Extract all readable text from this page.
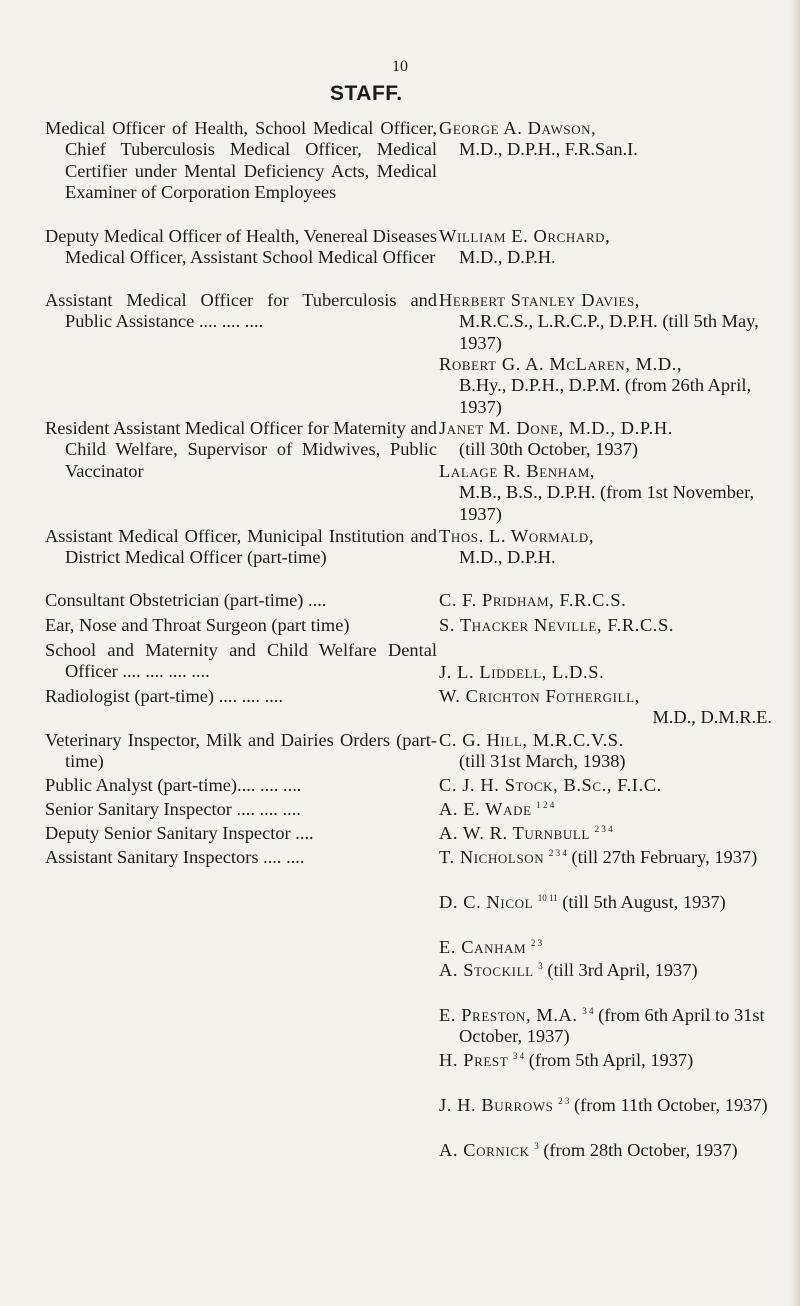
10
STAFF.
Medical Officer of Health, School Medical Officer, Chief Tuberculosis Medical Officer, Medical Certifier under Mental Deficiency Acts, Medical Examiner of Corporation Employees
Deputy Medical Officer of Health, Venereal Diseases Medical Officer, Assistant School Medical Officer
Assistant Medical Officer for Tuberculosis and Public Assistance .... .... ....
Resident Assistant Medical Officer for Maternity and Child Welfare, Supervisor of Midwives, Public Vaccinator
Assistant Medical Officer, Municipal Institution and District Medical Officer (part-time)
Consultant Obstetrician (part-time) ....
Ear, Nose and Throat Surgeon (part time)
School and Maternity and Child Welfare Dental Officer .... .... .... ....
Radiologist (part-time) .... .... ....
Veterinary Inspector, Milk and Dairies Orders (part-time)
Public Analyst (part-time).... .... ....
Senior Sanitary Inspector .... .... ....
Deputy Senior Sanitary Inspector ....
Assistant Sanitary Inspectors .... ....
George A. Dawson,
M.D., D.P.H., F.R.San.I.
William E. Orchard,
M.D., D.P.H.
Herbert Stanley Davies,
M.R.C.S., L.R.C.P., D.P.H. (till 5th May, 1937)
Robert G. A. McLaren, M.D.,
B.Hy., D.P.H., D.P.M. (from 26th April, 1937)
Janet M. Done, M.D., D.P.H.
(till 30th October, 1937)
Lalage R. Benham,
M.B., B.S., D.P.H. (from 1st November, 1937)
Thos. L. Wormald,
M.D., D.P.H.
C. F. Pridham, F.R.C.S.
S. Thacker Neville, F.R.C.S.
J. L. Liddell, L.D.S.
W. Crichton Fothergill,
M.D., D.M.R.E.
C. G. Hill, M.R.C.V.S.
(till 31st March, 1938)
C. J. H. Stock, B.Sc., F.I.C.
A. E. Wade $^{1 2 4}$
A. W. R. Turnbull $^{2 3 4}$
T. Nicholson $^{2 3 4}$ (till 27th February, 1937)
D. C. Nicol $^{10 11}$ (till 5th August, 1937)
E. Canham $^{2 3}$
A. Stockill $^3$ (till 3rd April, 1937)
E. Preston, M.A. $^{3 4}$ (from 6th April to 31st October, 1937)
H. Prest $^{3 4}$ (from 5th April, 1937)
J. H. Burrows $^{2 3}$ (from 11th October, 1937)
A. Cornick $^3$ (from 28th October, 1937)
